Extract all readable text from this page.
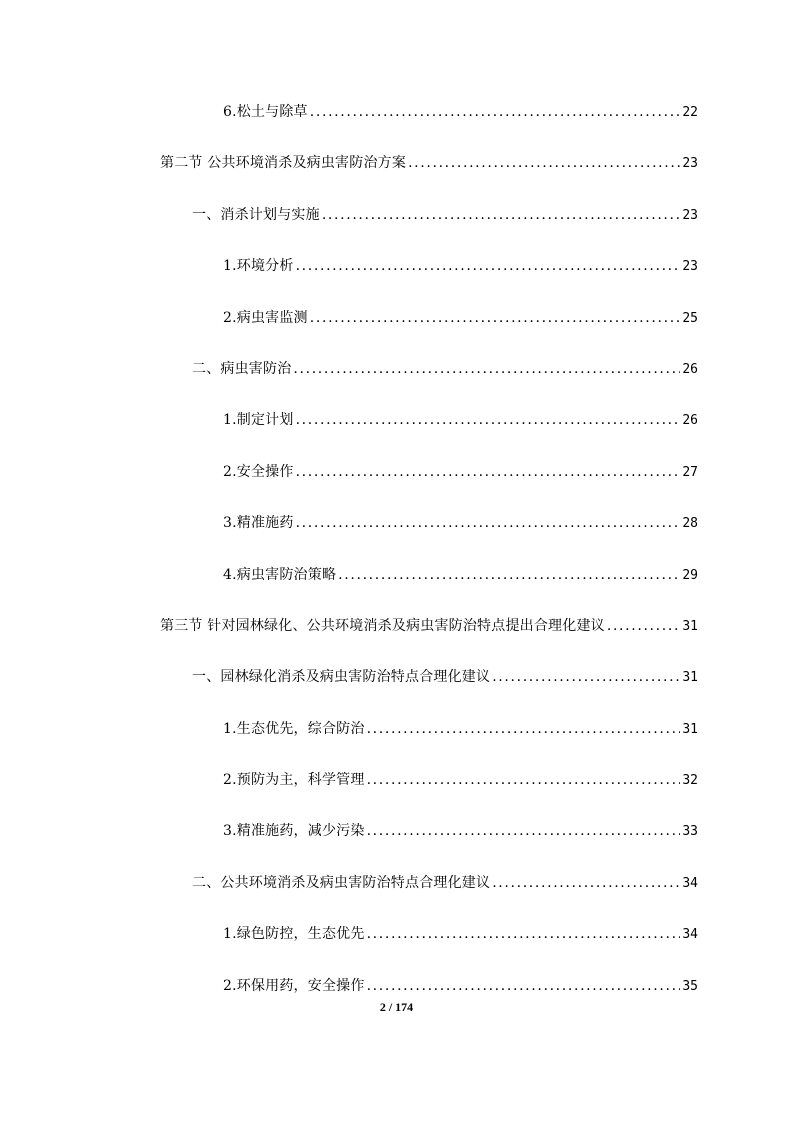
6.松土与除草 . . .	22
第二节 公共环境消杀及病虫害防治方案 . . .	23
一、消杀计划与实施 . . .	23
1.环境分析 . . .	23
2.病虫害监测 . . .	25
二、病虫害防治 . . .	26
1.制定计划 . . .	26
2.安全操作 . . .	27
3.精准施药 . . .	28
4.病虫害防治策略 . . .	29
第三节 针对园林绿化、公共环境消杀及病虫害防治特点提出合理化建议 . . .	31
一、园林绿化消杀及病虫害防治特点合理化建议 . . .	31
1.生态优先，综合防治 . . .	31
2.预防为主，科学管理 . . .	32
3.精准施药，减少污染 . . .	33
二、公共环境消杀及病虫害防治特点合理化建议 . . .	34
1.绿色防控，生态优先 . . .	34
2.环保用药，安全操作 . . .	35
2 / 174
